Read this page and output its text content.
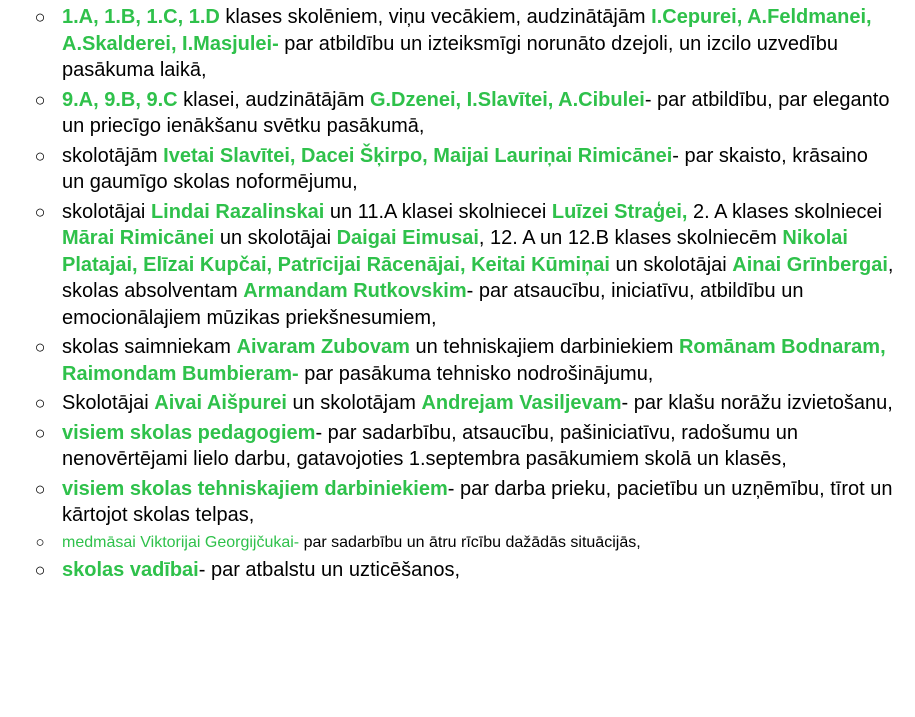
○ 1.A, 1.B, 1.C, 1.D klases skolēniem, viņu vecākiem, audzinātājām I.Cepurei, A.Feldmanei, A.Skalderei, I.Masjulei- par atbildību un izteiksmīgi norunāto dzejoli, un izcilo uzvedību pasākuma laikā,
○ 9.A, 9.B, 9.C klasei, audzinātājām G.Dzenei, I.Slavītei, A.Cibulei- par atbildību, par eleganto un priecīgo ienākšanu svētku pasākumā,
○ skolotājām Ivetai Slavītei, Dacei Šķirpo, Maijai Lauriņai Rimicānei- par skaisto, krāsaino un gaumīgo skolas noformējumu,
○ skolotājai Lindai Razalinskai un 11.A klasei skolniecei Luīzei Straģei, 2. A klases skolniecei Mārai Rimicānei un skolotājai Daigai Eimusai, 12. A un 12.B klases skolniecēm Nikolai Platajai, Elīzai Kupčai, Patrīcijai Rācenājai, Keitai Kūmiņai un skolotājai Ainai Grīnbergai, skolas absolventam Armandam Rutkovskim- par atsaucību, iniciatīvu, atbildību un emocionālajiem mūzikas priekšnesumiem,
○ skolas saimniekam Aivaram Zubovam un tehniskajiem darbiniekiem Romānam Bodnaram, Raimondam Bumbieram- par pasākuma tehnisko nodrošinājumu,
○ Skolotājai Aivai Aišpurei un skolotājam Andrejam Vasiljevam- par klašu norāžu izvietošanu,
○ visiem skolas pedagogiem- par sadarbību, atsaucību, pašiniciatīvu, radošumu un nenovērtējami lielo darbu, gatavojoties 1.septembra pasākumiem skolā un klasēs,
○ visiem skolas tehniskajiem darbiniekiem- par darba prieku, pacietību un uzņēmību, tīrot un kārtojot skolas telpas,
○ medmāsai Viktorijai Georgijčukai- par sadarbību un ātru rīcību dažādās situācijās,
○ skolas vadībai- par atbalstu un uzticēšanos,
